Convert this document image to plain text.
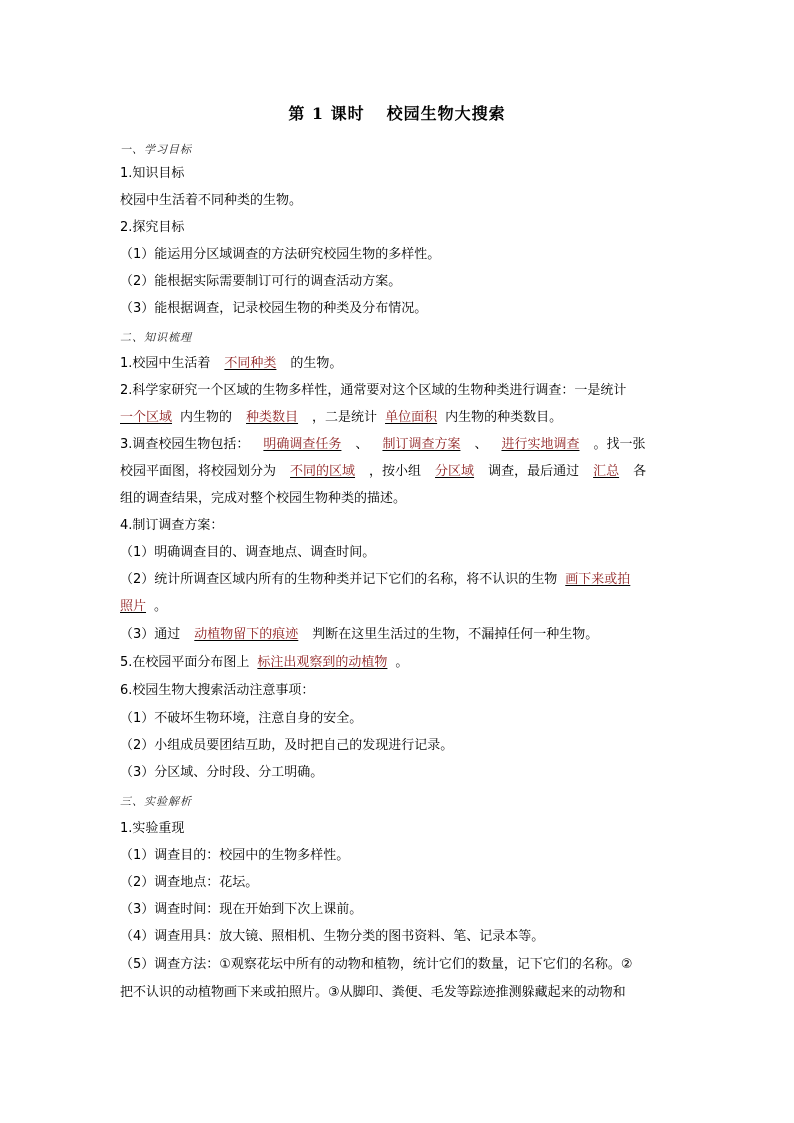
第 1 课时 校园生物大搜索
一、学习目标
1.知识目标
校园中生活着不同种类的生物。
2.探究目标
（1）能运用分区域调查的方法研究校园生物的多样性。
（2）能根据实际需要制订可行的调查活动方案。
（3）能根据调查，记录校园生物的种类及分布情况。
二、知识梳理
1.校园中生活着 不同种类 的生物。
2.科学家研究一个区域的生物多样性，通常要对这个区域的生物种类进行调查：一是统计
一个区域 内生物的 种类数目 ，二是统计 单位面积 内生物的种类数目。
3.调查校园生物包括： 明确调查任务 、 制订调查方案 、 进行实地调查 。找一张
校园平面图，将校园划分为 不同的区域 ，按小组 分区域 调查，最后通过 汇总 各
组的调查结果，完成对整个校园生物种类的描述。
4.制订调查方案：
（1）明确调查目的、调查地点、调查时间。
（2）统计所调查区域内所有的生物种类并记下它们的名称，将不认识的生物 画下来或拍
照片 。
（3）通过 动植物留下的痕迹 判断在这里生活过的生物，不漏掉任何一种生物。
5.在校园平面分布图上 标注出观察到的动植物 。
6.校园生物大搜索活动注意事项：
（1）不破坏生物环境，注意自身的安全。
（2）小组成员要团结互助，及时把自己的发现进行记录。
（3）分区域、分时段、分工明确。
三、实验解析
1.实验重现
（1）调查目的：校园中的生物多样性。
（2）调查地点：花坛。
（3）调查时间：现在开始到下次上课前。
（4）调查用具：放大镜、照相机、生物分类的图书资料、笔、记录本等。
（5）调查方法：①观察花坛中所有的动物和植物，统计它们的数量，记下它们的名称。②
把不认识的动植物画下来或拍照片。③从脚印、粪便、毛发等踪迹推测躲藏起来的动物和
